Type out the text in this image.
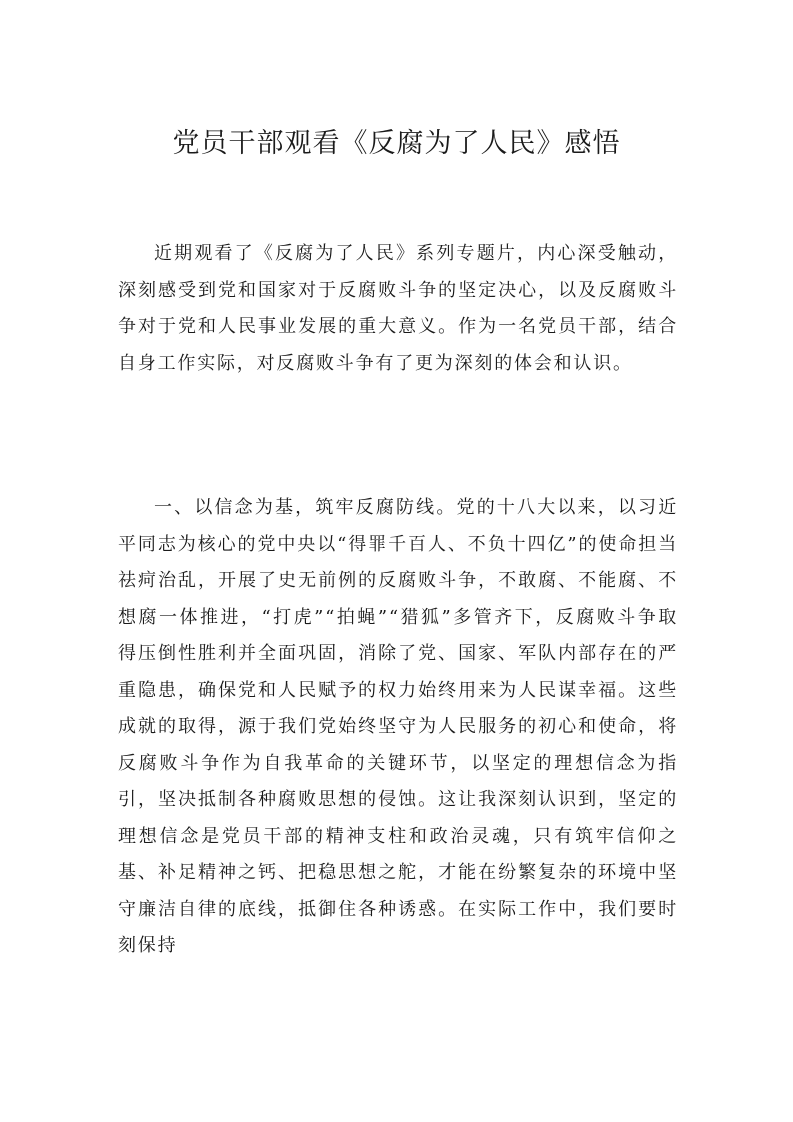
党员干部观看《反腐为了人民》感悟

近期观看了《反腐为了人民》系列专题片，内心深受触动，深刻感受到党和国家对于反腐败斗争的坚定决心，以及反腐败斗争对于党和人民事业发展的重大意义。作为一名党员干部，结合自身工作实际，对反腐败斗争有了更为深刻的体会和认识。

一、以信念为基，筑牢反腐防线。党的十八大以来，以习近平同志为核心的党中央以“得罪千百人、不负十四亿”的使命担当祛疴治乱，开展了史无前例的反腐败斗争，不敢腐、不能腐、不想腐一体推进，“打虎”“拍蝇”“猎狐”多管齐下，反腐败斗争取得压倒性胜利并全面巩固，消除了党、国家、军队内部存在的严重隐患，确保党和人民赋予的权力始终用来为人民谋幸福。这些成就的取得，源于我们党始终坚守为人民服务的初心和使命，将反腐败斗争作为自我革命的关键环节，以坚定的理想信念为指引，坚决抵制各种腐败思想的侵蚀。这让我深刻认识到，坚定的理想信念是党员干部的精神支柱和政治灵魂，只有筑牢信仰之基、补足精神之钙、把稳思想之舵，才能在纷繁复杂的环境中坚守廉洁自律的底线，抵御住各种诱惑。在实际工作中，我们要时刻保持
